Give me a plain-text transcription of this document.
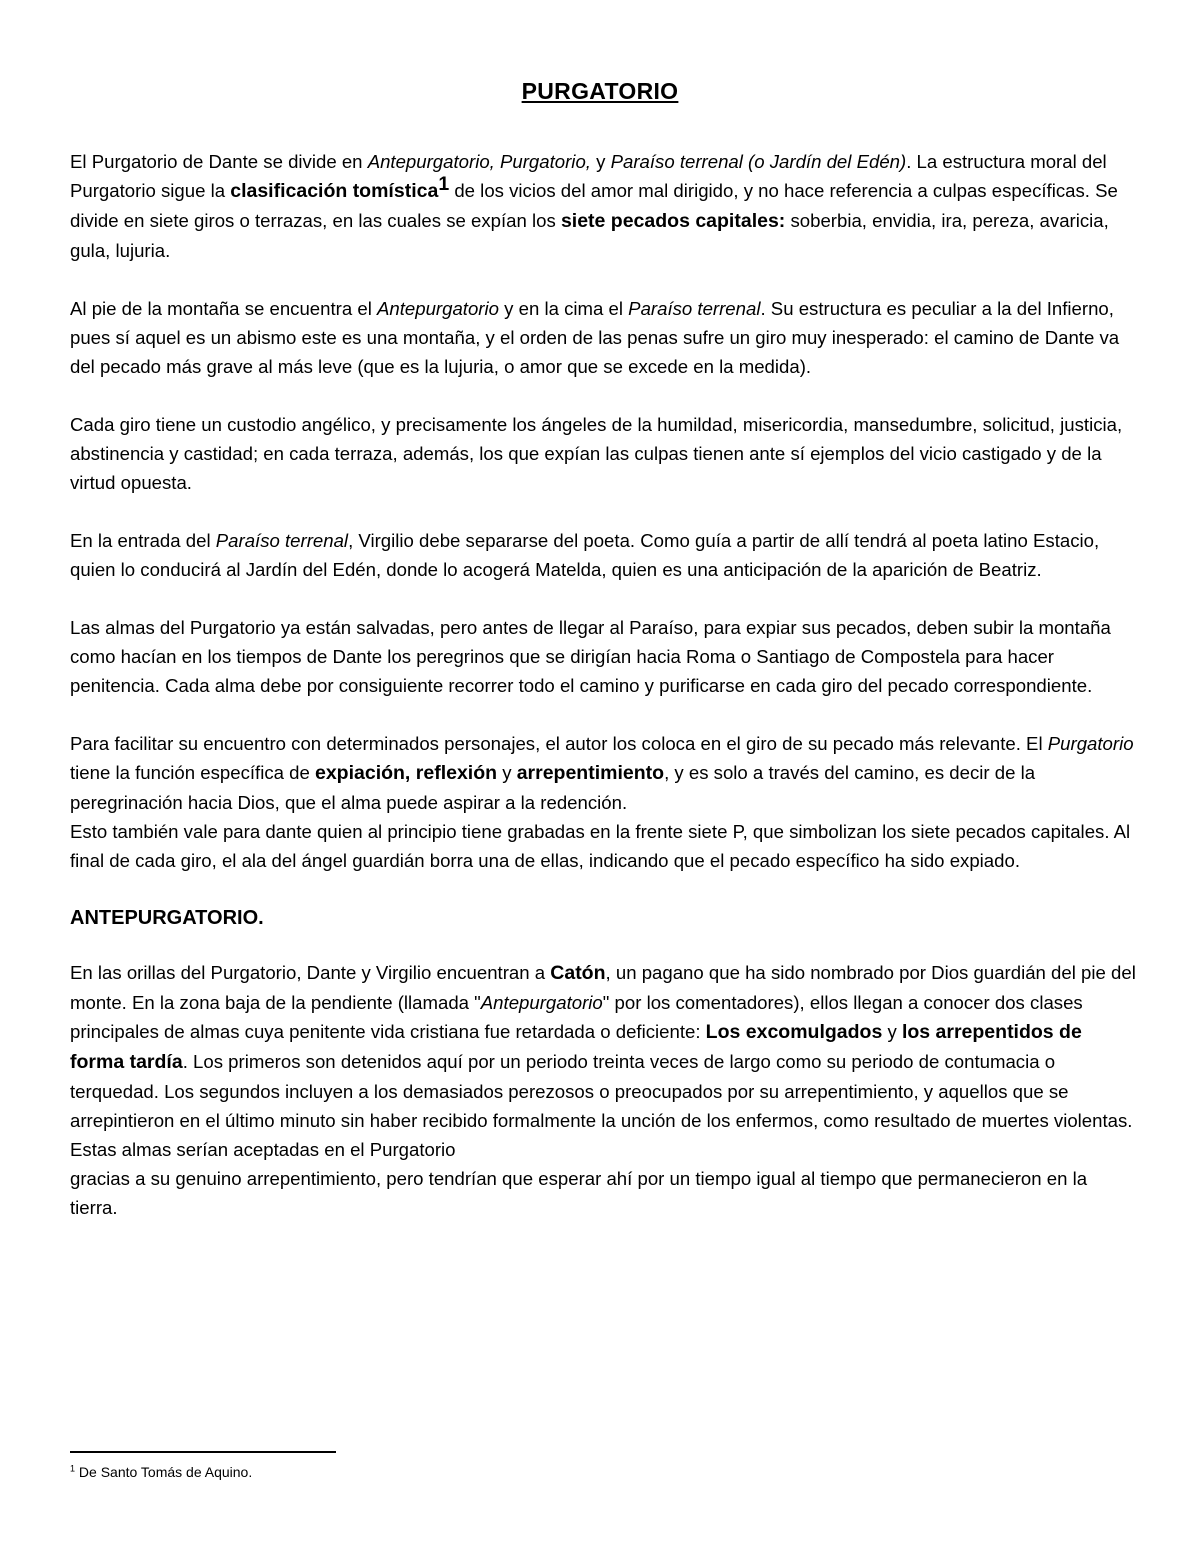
PURGATORIO

El Purgatorio de Dante se divide en Antepurgatorio, Purgatorio, y Paraíso terrenal (o Jardín del Edén). La estructura moral del Purgatorio sigue la clasificación tomística$^1$ de los vicios del amor mal dirigido, y no hace referencia a culpas específicas. Se divide en siete giros o terrazas, en las cuales se expían los siete pecados capitales: soberbia, envidia, ira, pereza, avaricia, gula, lujuria.

Al pie de la montaña se encuentra el Antepurgatorio y en la cima el Paraíso terrenal. Su estructura es peculiar a la del Infierno, pues sí aquel es un abismo este es una montaña, y el orden de las penas sufre un giro muy inesperado: el camino de Dante va del pecado más grave al más leve (que es la lujuria, o amor que se excede en la medida).

Cada giro tiene un custodio angélico, y precisamente los ángeles de la humildad, misericordia, mansedumbre, solicitud, justicia, abstinencia y castidad; en cada terraza, además, los que expían las culpas tienen ante sí ejemplos del vicio castigado y de la virtud opuesta.

En la entrada del Paraíso terrenal, Virgilio debe separarse del poeta. Como guía a partir de allí tendrá al poeta latino Estacio, quien lo conducirá al Jardín del Edén, donde lo acogerá Matelda, quien es una anticipación de la aparición de Beatriz.

Las almas del Purgatorio ya están salvadas, pero antes de llegar al Paraíso, para expiar sus pecados, deben subir la montaña como hacían en los tiempos de Dante los peregrinos que se dirigían hacia Roma o Santiago de Compostela para hacer penitencia. Cada alma debe por consiguiente recorrer todo el camino y purificarse en cada giro del pecado correspondiente.

Para facilitar su encuentro con determinados personajes, el autor los coloca en el giro de su pecado más relevante. El Purgatorio tiene la función específica de expiación, reflexión y arrepentimiento, y es solo a través del camino, es decir de la peregrinación hacia Dios, que el alma puede aspirar a la redención.

Esto también vale para dante quien al principio tiene grabadas en la frente siete P, que simbolizan los siete pecados capitales. Al final de cada giro, el ala del ángel guardián borra una de ellas, indicando que el pecado específico ha sido expiado.

ANTEPURGATORIO.

En las orillas del Purgatorio, Dante y Virgilio encuentran a Catón, un pagano que ha sido nombrado por Dios guardián del pie del monte. En la zona baja de la pendiente (llamada "Antepurgatorio" por los comentadores), ellos llegan a conocer dos clases principales de almas cuya penitente vida cristiana fue retardada o deficiente: Los excomulgados y los arrepentidos de forma tardía. Los primeros son detenidos aquí por un periodo treinta veces de largo como su periodo de contumacia o terquedad. Los segundos incluyen a los demasiados perezosos o preocupados por su arrepentimiento, y aquellos que se arrepintieron en el último minuto sin haber recibido formalmente la unción de los enfermos, como resultado de muertes violentas. Estas almas serían aceptadas en el Purgatorio

gracias a su genuino arrepentimiento, pero tendrían que esperar ahí por un tiempo igual al tiempo que permanecieron en la tierra.

$^1$ De Santo Tomás de Aquino.
